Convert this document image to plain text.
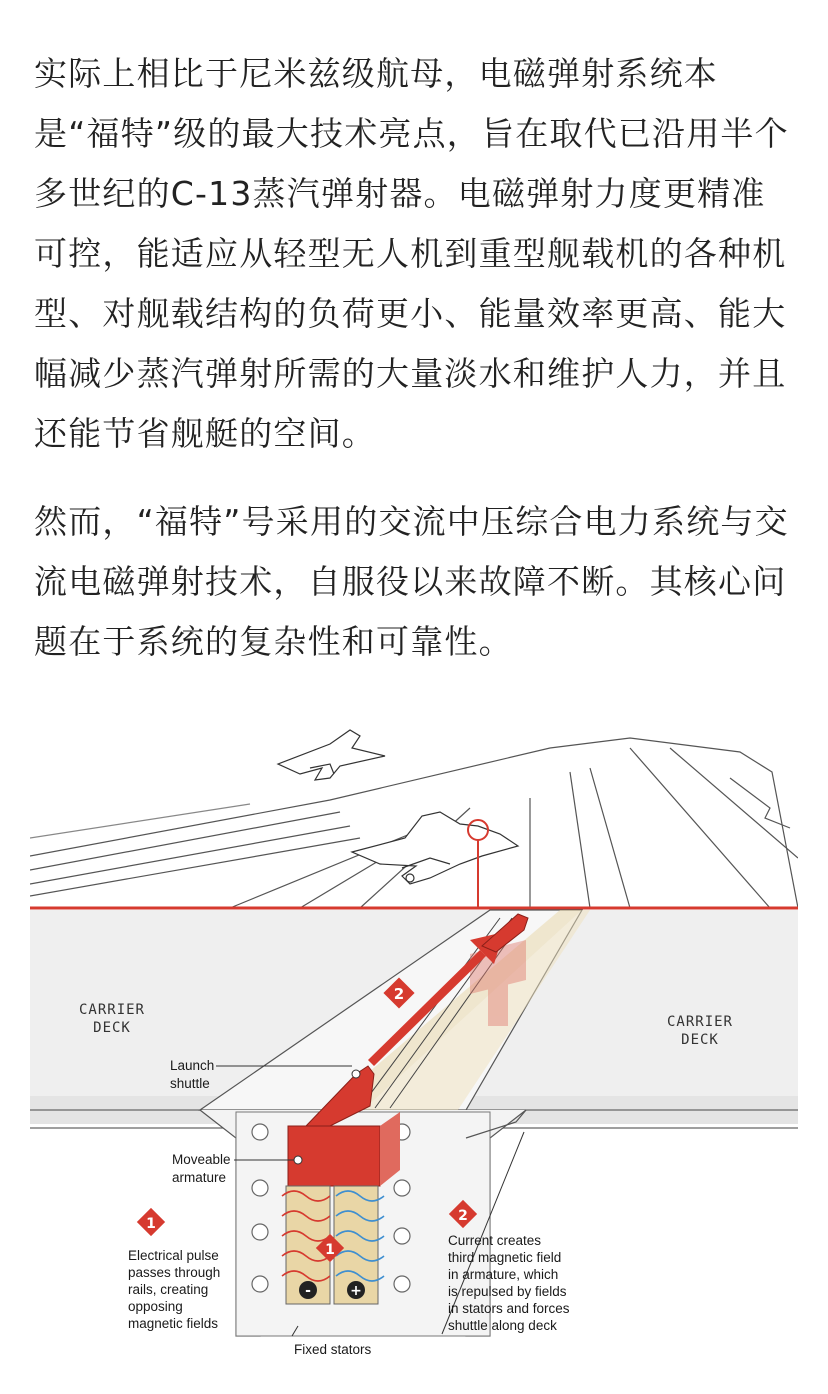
实际上相比于尼米兹级航母，电磁弹射系统本是“福特”级的最大技术亮点，旨在取代已沿用半个多世纪的C-13蒸汽弹射器。电磁弹射力度更精准可控，能适应从轻型无人机到重型舰载机的各种机型、对舰载结构的负荷更小、能量效率更高、能大幅减少蒸汽弹射所需的大量淡水和维护人力，并且还能节省舰艇的空间。

然而，“福特”号采用的交流中压综合电力系统与交流电磁弹射技术，自服役以来故障不断。其核心问题在于系统的复杂性和可靠性。

-	+
2
1
1	2
CARRIER
DECK	CARRIER
DECK
Launch
shuttle
Moveable
armature
Fixed stators
Electrical pulse
passes through
rails, creating
opposing
magnetic fields
Current creates
third magnetic field
in armature, which
is repulsed by fields
in stators and forces
shuttle along deck
